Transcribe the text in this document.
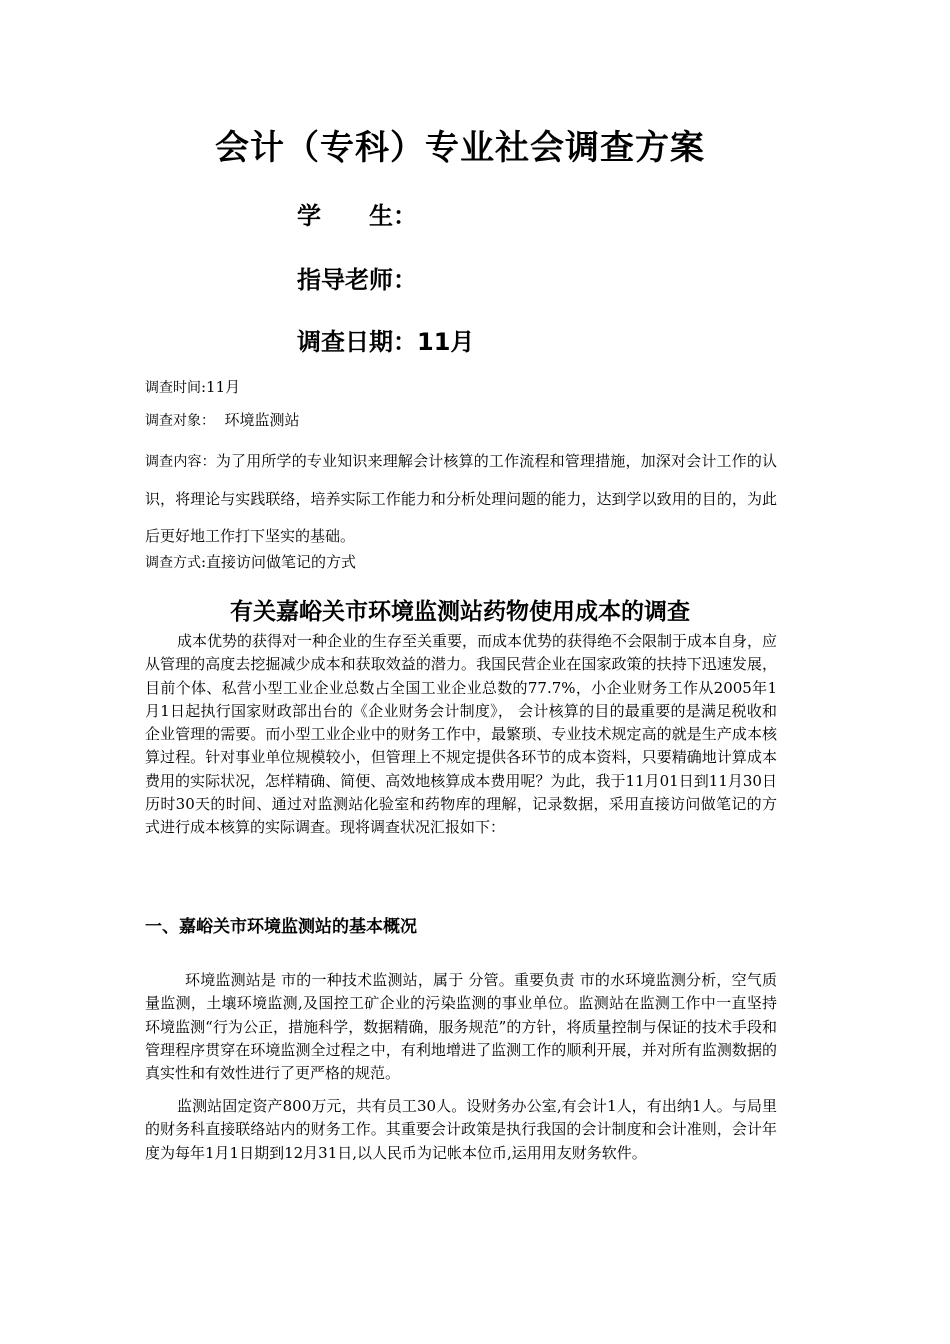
会计（专科）专业社会调查方案
学 生：
指导老师：
调查日期：11月
调查时间:11月
调查对象：  环境监测站
调查内容：为了用所学的专业知识来理解会计核算的工作流程和管理措施，加深对会计工作的认识，将理论与实践联络，培养实际工作能力和分析处理问题的能力，达到学以致用的目的，为此后更好地工作打下坚实的基础。
调查方式:直接访问做笔记的方式
有关嘉峪关市环境监测站药物使用成本的调查
成本优势的获得对一种企业的生存至关重要，而成本优势的获得绝不会限制于成本自身，应从管理的高度去挖掘减少成本和获取效益的潜力。我国民营企业在国家政策的扶持下迅速发展，目前个体、私营小型工业企业总数占全国工业企业总数的77.7%，小企业财务工作从2005年1月1日起执行国家财政部出台的《企业财务会计制度》， 会计核算的目的最重要的是满足税收和企业管理的需要。而小型工业企业中的财务工作中，最繁琐、专业技术规定高的就是生产成本核算过程。针对事业单位规模较小，但管理上不规定提供各环节的成本资料，只要精确地计算成本费用的实际状况，怎样精确、简便、高效地核算成本费用呢？为此，我于11月01日到11月30日历时30天的时间、通过对监测站化验室和药物库的理解，记录数据，采用直接访问做笔记的方式进行成本核算的实际调查。现将调查状况汇报如下：
一、嘉峪关市环境监测站的基本概况
环境监测站是 市的一种技术监测站，属于 分管。重要负责 市的水环境监测分析，空气质量监测，土壤环境监测,及国控工矿企业的污染监测的事业单位。监测站在监测工作中一直坚持环境监测“行为公正，措施科学，数据精确，服务规范”的方针，将质量控制与保证的技术手段和管理程序贯穿在环境监测全过程之中，有利地增进了监测工作的顺利开展，并对所有监测数据的真实性和有效性进行了更严格的规范。
监测站固定资产800万元，共有员工30人。设财务办公室,有会计1人，有出纳1人。与局里的财务科直接联络站内的财务工作。其重要会计政策是执行我国的会计制度和会计准则，会计年度为每年1月1日期到12月31日,以人民币为记帐本位币,运用用友财务软件。
